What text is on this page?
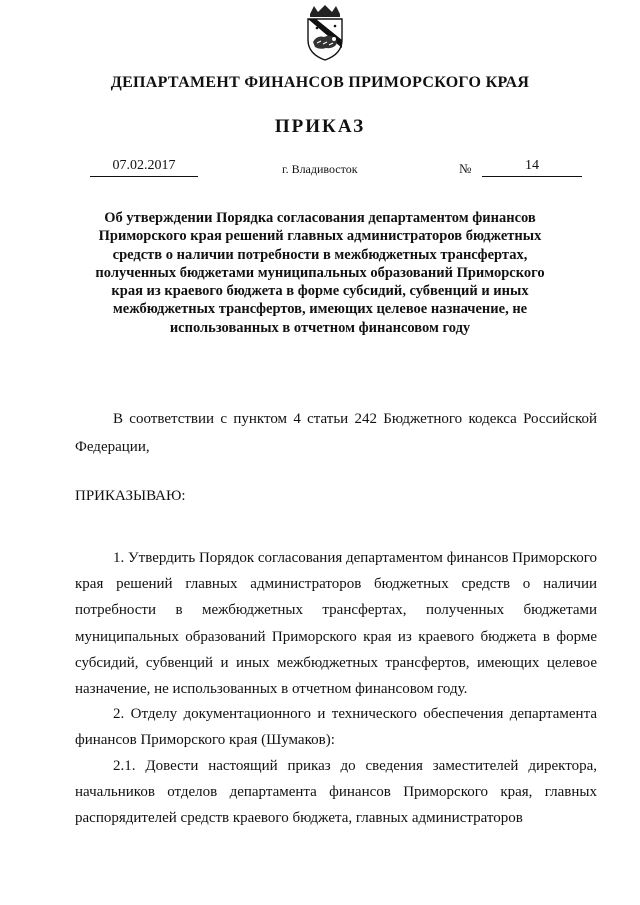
ДЕПАРТАМЕНТ ФИНАНСОВ ПРИМОРСКОГО КРАЯ
ПРИКАЗ
07.02.2017	г. Владивосток	№	14
Об утверждении Порядка согласования департаментом финансов Приморского края решений главных администраторов бюджетных средств о наличии потребности в межбюджетных трансфертах, полученных бюджетами муниципальных образований Приморского края из краевого бюджета в форме субсидий, субвенций и иных межбюджетных трансфертов, имеющих целевое назначение, не использованных в отчетном финансовом году
В соответствии с пунктом 4 статьи 242 Бюджетного кодекса Российской Федерации,
ПРИКАЗЫВАЮ:
1. Утвердить Порядок согласования департаментом финансов Приморского края решений главных администраторов бюджетных средств о наличии потребности в межбюджетных трансфертах, полученных бюджетами муниципальных образований Приморского края из краевого бюджета в форме субсидий, субвенций и иных межбюджетных трансфертов, имеющих целевое назначение, не использованных в отчетном финансовом году.
2. Отделу документационного и технического обеспечения департамента финансов Приморского края (Шумаков):
2.1. Довести настоящий приказ до сведения заместителей директора, начальников отделов департамента финансов Приморского края, главных распорядителей средств краевого бюджета, главных администраторов
